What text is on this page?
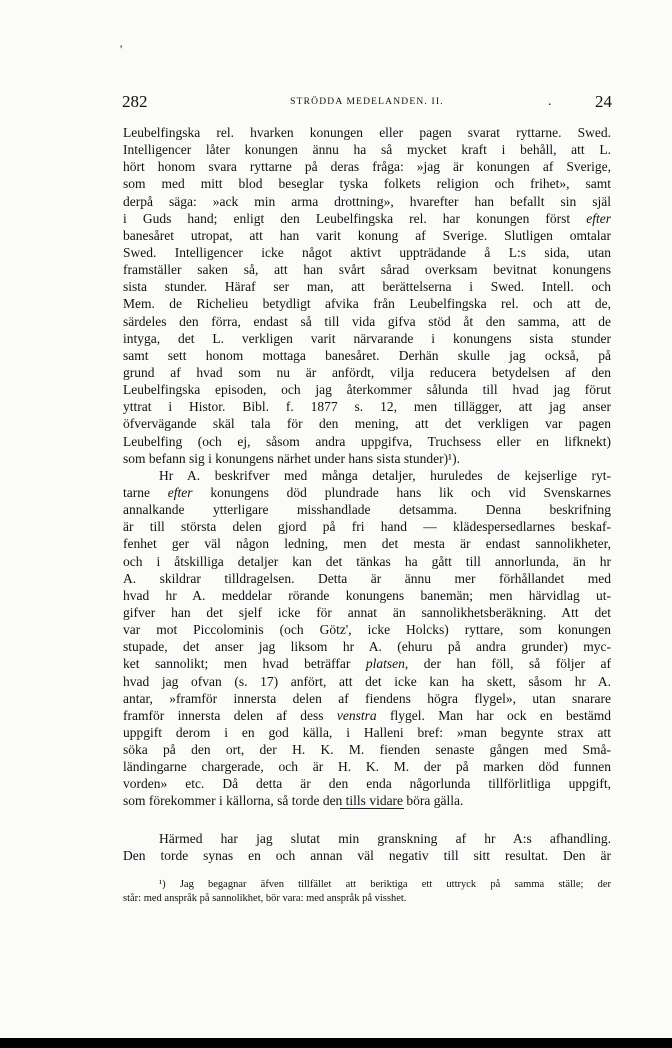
'
282	STRÖDDA MEDELANDEN. II.	.	24
Leubelfingska rel. hvarken konungen eller pagen svarat ryttarne. Swed.
Intelligencer låter konungen ännu ha så mycket kraft i behåll, att L.
hört honom svara ryttarne på deras fråga: »jag är konungen af Sverige,
som med mitt blod beseglar tyska folkets religion och frihet», samt
derpå säga: »ack min arma drottning», hvarefter han befallt sin själ
i Guds hand; enligt den Leubelfingska rel. har konungen först efter
banesåret utropat, att han varit konung af Sverige. Slutligen omtalar
Swed. Intelligencer icke något aktivt uppträdande å L:s sida, utan
framställer saken så, att han svårt sårad overksam bevitnat konungens
sista stunder. Häraf ser man, att berättelserna i Swed. Intell. och
Mem. de Richelieu betydligt afvika från Leubelfingska rel. och att de,
särdeles den förra, endast så till vida gifva stöd åt den samma, att de
intyga, det L. verkligen varit närvarande i konungens sista stunder
samt sett honom mottaga banesåret. Derhän skulle jag också, på
grund af hvad som nu är anfördt, vilja reducera betydelsen af den
Leubelfingska episoden, och jag återkommer sålunda till hvad jag förut
yttrat i Histor. Bibl. f. 1877 s. 12, men tillägger, att jag anser
öfvervägande skäl tala för den mening, att det verkligen var pagen
Leubelfing (och ej, såsom andra uppgifva, Truchsess eller en lifknekt)
som befann sig i konungens närhet under hans sista stunder)¹).
Hr A. beskrifver med många detaljer, huruledes de kejserlige ryt-
tarne efter konungens död plundrade hans lik och vid Svenskarnes
annalkande ytterligare misshandlade detsamma. Denna beskrifning
är till största delen gjord på fri hand — klädespersedlarnes beskaf-
fenhet ger väl någon ledning, men det mesta är endast sannolikheter,
och i åtskilliga detaljer kan det tänkas ha gått till annorlunda, än hr
A. skildrar tilldragelsen. Detta är ännu mer förhållandet med
hvad hr A. meddelar rörande konungens banemän; men härvidlag ut-
gifver han det sjelf icke för annat än sannolikhetsberäkning. Att det
var mot Piccolominis (och Götz', icke Holcks) ryttare, som konungen
stupade, det anser jag liksom hr A. (ehuru på andra grunder) myc-
ket sannolikt; men hvad beträffar platsen, der han föll, så följer af
hvad jag ofvan (s. 17) anfört, att det icke kan ha skett, såsom hr A.
antar, »framför innersta delen af fiendens högra flygel», utan snarare
framför innersta delen af dess venstra flygel. Man har ock en bestämd
uppgift derom i en god källa, i Halleni bref: »man begynte strax att
söka på den ort, der H. K. M. fienden senaste gången med Små-
ländingarne chargerade, och är H. K. M. der på marken död funnen
vorden» etc. Då detta är den enda någorlunda tillförlitliga uppgift,
som förekommer i källorna, så torde den tills vidare böra gälla.
Härmed har jag slutat min granskning af hr A:s afhandling.
Den torde synas en och annan väl negativ till sitt resultat. Den är
¹) Jag begagnar äfven tillfället att beriktiga ett uttryck på samma ställe; der
står: med anspråk på sannolikhet, bör vara: med anspråk på visshet.
